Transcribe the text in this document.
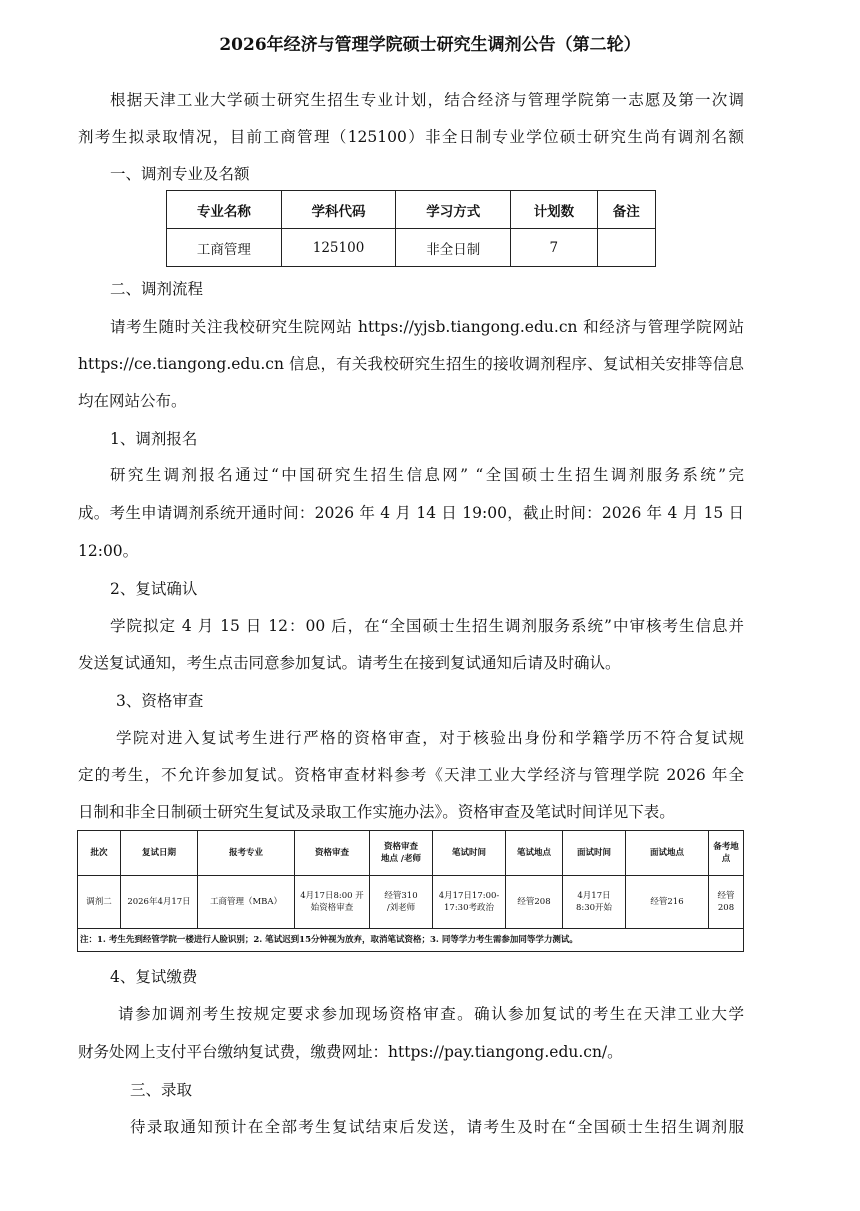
2026年经济与管理学院硕士研究生调剂公告（第二轮）
根据天津工业大学硕士研究生招生专业计划，结合经济与管理学院第一志愿及第一次调
剂考生拟录取情况，目前工商管理（125100）非全日制专业学位硕士研究生尚有调剂名额
一、调剂专业及名额
专业名称	学科代码	学习方式	计划数	备注
工商管理	125100	非全日制	7	
二、调剂流程
请考生随时关注我校研究生院网站 https://yjsb.tiangong.edu.cn 和经济与管理学院网站
https://ce.tiangong.edu.cn 信息，有关我校研究生招生的接收调剂程序、复试相关安排等信息
均在网站公布。
1、调剂报名
研究生调剂报名通过“中国研究生招生信息网” “全国硕士生招生调剂服务系统”完
成。考生申请调剂系统开通时间：2026 年 4 月 14 日 19:00，截止时间：2026 年 4 月 15 日
12:00。
2、复试确认
学院拟定 4 月 15 日 12：00 后，在“全国硕士生招生调剂服务系统”中审核考生信息并
发送复试通知，考生点击同意参加复试。请考生在接到复试通知后请及时确认。
3、资格审查
学院对进入复试考生进行严格的资格审查，对于核验出身份和学籍学历不符合复试规
定的考生，不允许参加复试。资格审查材料参考《天津工业大学经济与管理学院 2026 年全
日制和非全日制硕士研究生复试及录取工作实施办法》。资格审查及笔试时间详见下表。
批次	复试日期	报考专业	资格审查	资格审查
地点 /老师	笔试时间	笔试地点	面试时间	面试地点	备考地点
调剂二	2026年4月17日	工商管理（MBA）	4月17日8:00 开
始资格审查	经管310
/刘老师	4月17日17:00-
17:30考政治	经管208	4月17日
8:30开始	经管216	经管208
注：1. 考生先到经管学院一楼进行人脸识别；2. 笔试迟到15分钟视为放弃，取消笔试资格；3. 同等学力考生需参加同等学力测试。									
4、复试缴费
请参加调剂考生按规定要求参加现场资格审查。确认参加复试的考生在天津工业大学
财务处网上支付平台缴纳复试费，缴费网址：https://pay.tiangong.edu.cn/。
三、录取
待录取通知预计在全部考生复试结束后发送，请考生及时在“全国硕士生招生调剂服
